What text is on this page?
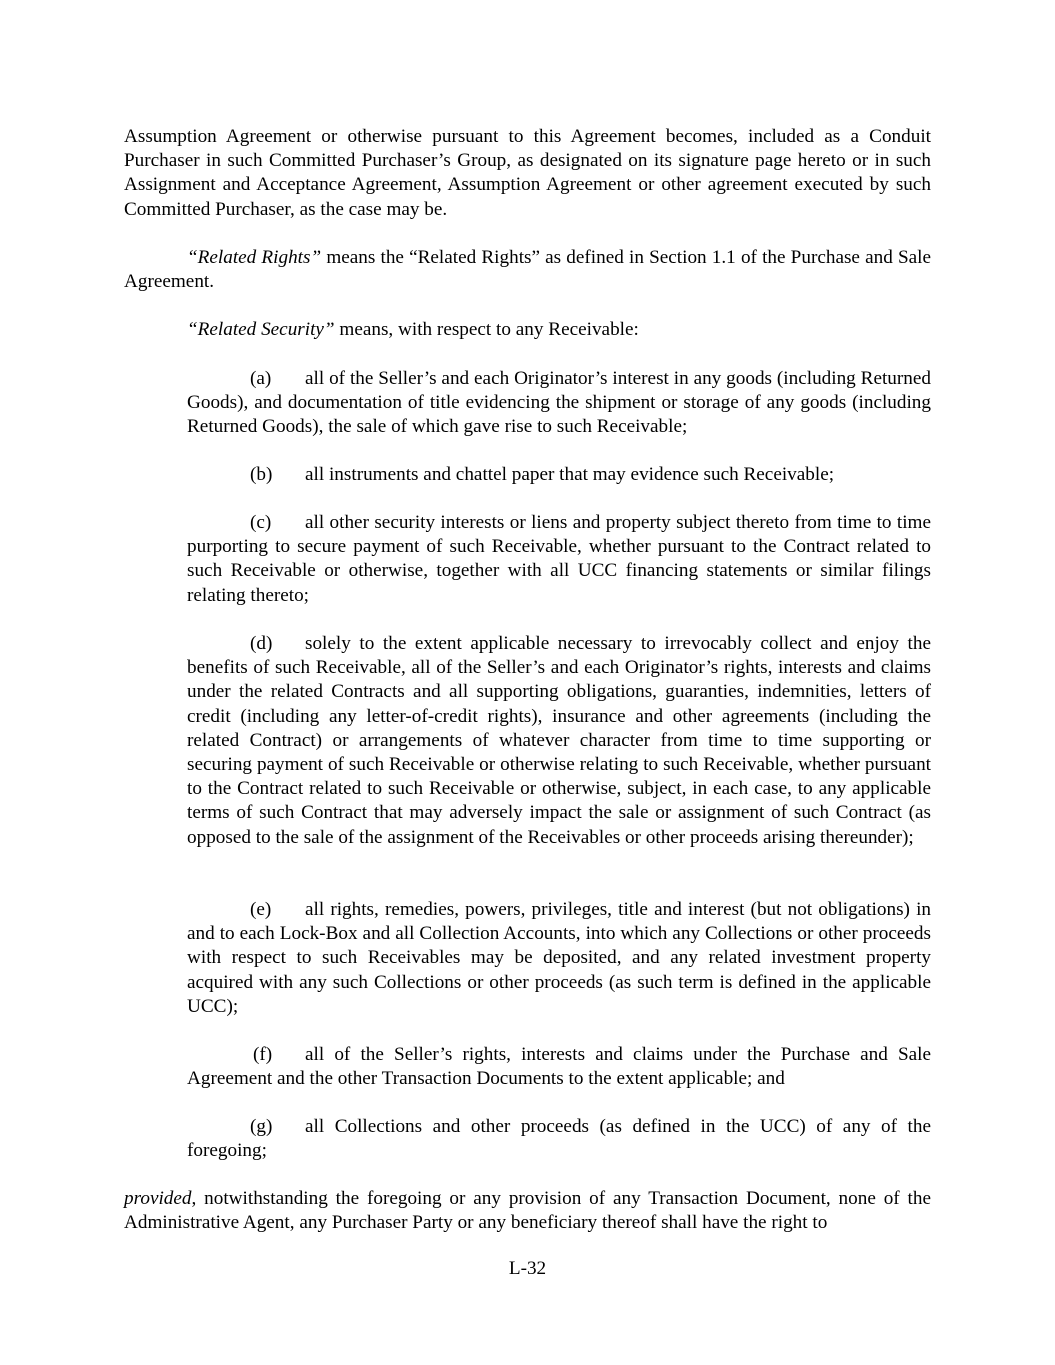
Assumption Agreement or otherwise pursuant to this Agreement becomes, included as a Conduit Purchaser in such Committed Purchaser’s Group, as designated on its signature page hereto or in such Assignment and Acceptance Agreement, Assumption Agreement or other agreement executed by such Committed Purchaser, as the case may be.

“Related Rights” means the “Related Rights” as defined in Section 1.1 of the Purchase and Sale Agreement.

“Related Security” means, with respect to any Receivable:

(a) all of the Seller’s and each Originator’s interest in any goods (including Returned Goods), and documentation of title evidencing the shipment or storage of any goods (including Returned Goods), the sale of which gave rise to such Receivable;

(b) all instruments and chattel paper that may evidence such Receivable;

(c) all other security interests or liens and property subject thereto from time to time purporting to secure payment of such Receivable, whether pursuant to the Contract related to such Receivable or otherwise, together with all UCC financing statements or similar filings relating thereto;

(d) solely to the extent applicable necessary to irrevocably collect and enjoy the benefits of such Receivable, all of the Seller’s and each Originator’s rights, interests and claims under the related Contracts and all supporting obligations, guaranties, indemnities, letters of credit (including any letter-of-credit rights), insurance and other agreements (including the related Contract) or arrangements of whatever character from time to time supporting or securing payment of such Receivable or otherwise relating to such Receivable, whether pursuant to the Contract related to such Receivable or otherwise, subject, in each case, to any applicable terms of such Contract that may adversely impact the sale or assignment of such Contract (as opposed to the sale of the assignment of the Receivables or other proceeds arising thereunder);

(e) all rights, remedies, powers, privileges, title and interest (but not obligations) in and to each Lock-Box and all Collection Accounts, into which any Collections or other proceeds with respect to such Receivables may be deposited, and any related investment property acquired with any such Collections or other proceeds (as such term is defined in the applicable UCC);

(f) all of the Seller’s rights, interests and claims under the Purchase and Sale Agreement and the other Transaction Documents to the extent applicable; and

(g) all Collections and other proceeds (as defined in the UCC) of any of the foregoing;

provided, notwithstanding the foregoing or any provision of any Transaction Document, none of the Administrative Agent, any Purchaser Party or any beneficiary thereof shall have the right to

L-32
